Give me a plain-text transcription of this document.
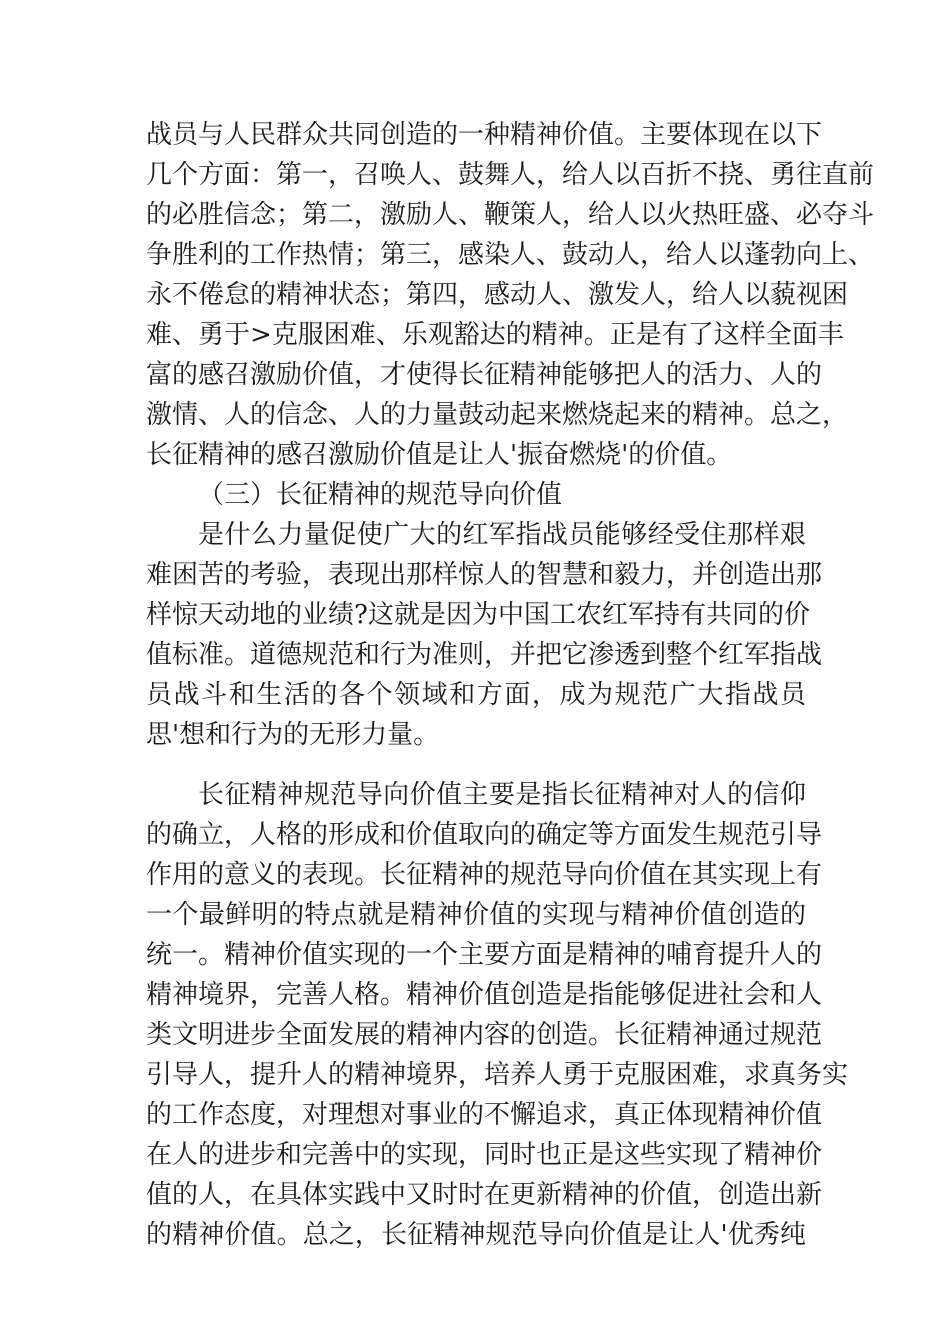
战员与人民群众共同创造的一种精神价值。主要体现在以下
几个方面：第一，召唤人、鼓舞人，给人以百折不挠、勇往直前
的必胜信念；第二，激励人、鞭策人，给人以火热旺盛、必夺斗
争胜利的工作热情；第三，感染人、鼓动人，给人以蓬勃向上、
永不倦怠的精神状态；第四，感动人、激发人，给人以藐视困
难、勇于>克服困难、乐观豁达的精神。正是有了这样全面丰
富的感召激励价值，才使得长征精神能够把人的活力、人的
激情、人的信念、人的力量鼓动起来燃烧起来的精神。总之，
长征精神的感召激励价值是让人'振奋燃烧'的价值。
（三）长征精神的规范导向价值
是什么力量促使广大的红军指战员能够经受住那样艰
难困苦的考验，表现出那样惊人的智慧和毅力，并创造出那
样惊天动地的业绩?这就是因为中国工农红军持有共同的价
值标准。道德规范和行为准则，并把它渗透到整个红军指战
员战斗和生活的各个领域和方面，成为规范广大指战员
思'想和行为的无形力量。
长征精神规范导向价值主要是指长征精神对人的信仰
的确立，人格的形成和价值取向的确定等方面发生规范引导
作用的意义的表现。长征精神的规范导向价值在其实现上有
一个最鲜明的特点就是精神价值的实现与精神价值创造的
统一。精神价值实现的一个主要方面是精神的哺育提升人的
精神境界，完善人格。精神价值创造是指能够促进社会和人
类文明进步全面发展的精神内容的创造。长征精神通过规范
引导人，提升人的精神境界，培养人勇于克服困难，求真务实
的工作态度，对理想对事业的不懈追求，真正体现精神价值
在人的进步和完善中的实现，同时也正是这些实现了精神价
值的人，在具体实践中又时时在更新精神的价值，创造出新
的精神价值。总之，长征精神规范导向价值是让人'优秀纯
